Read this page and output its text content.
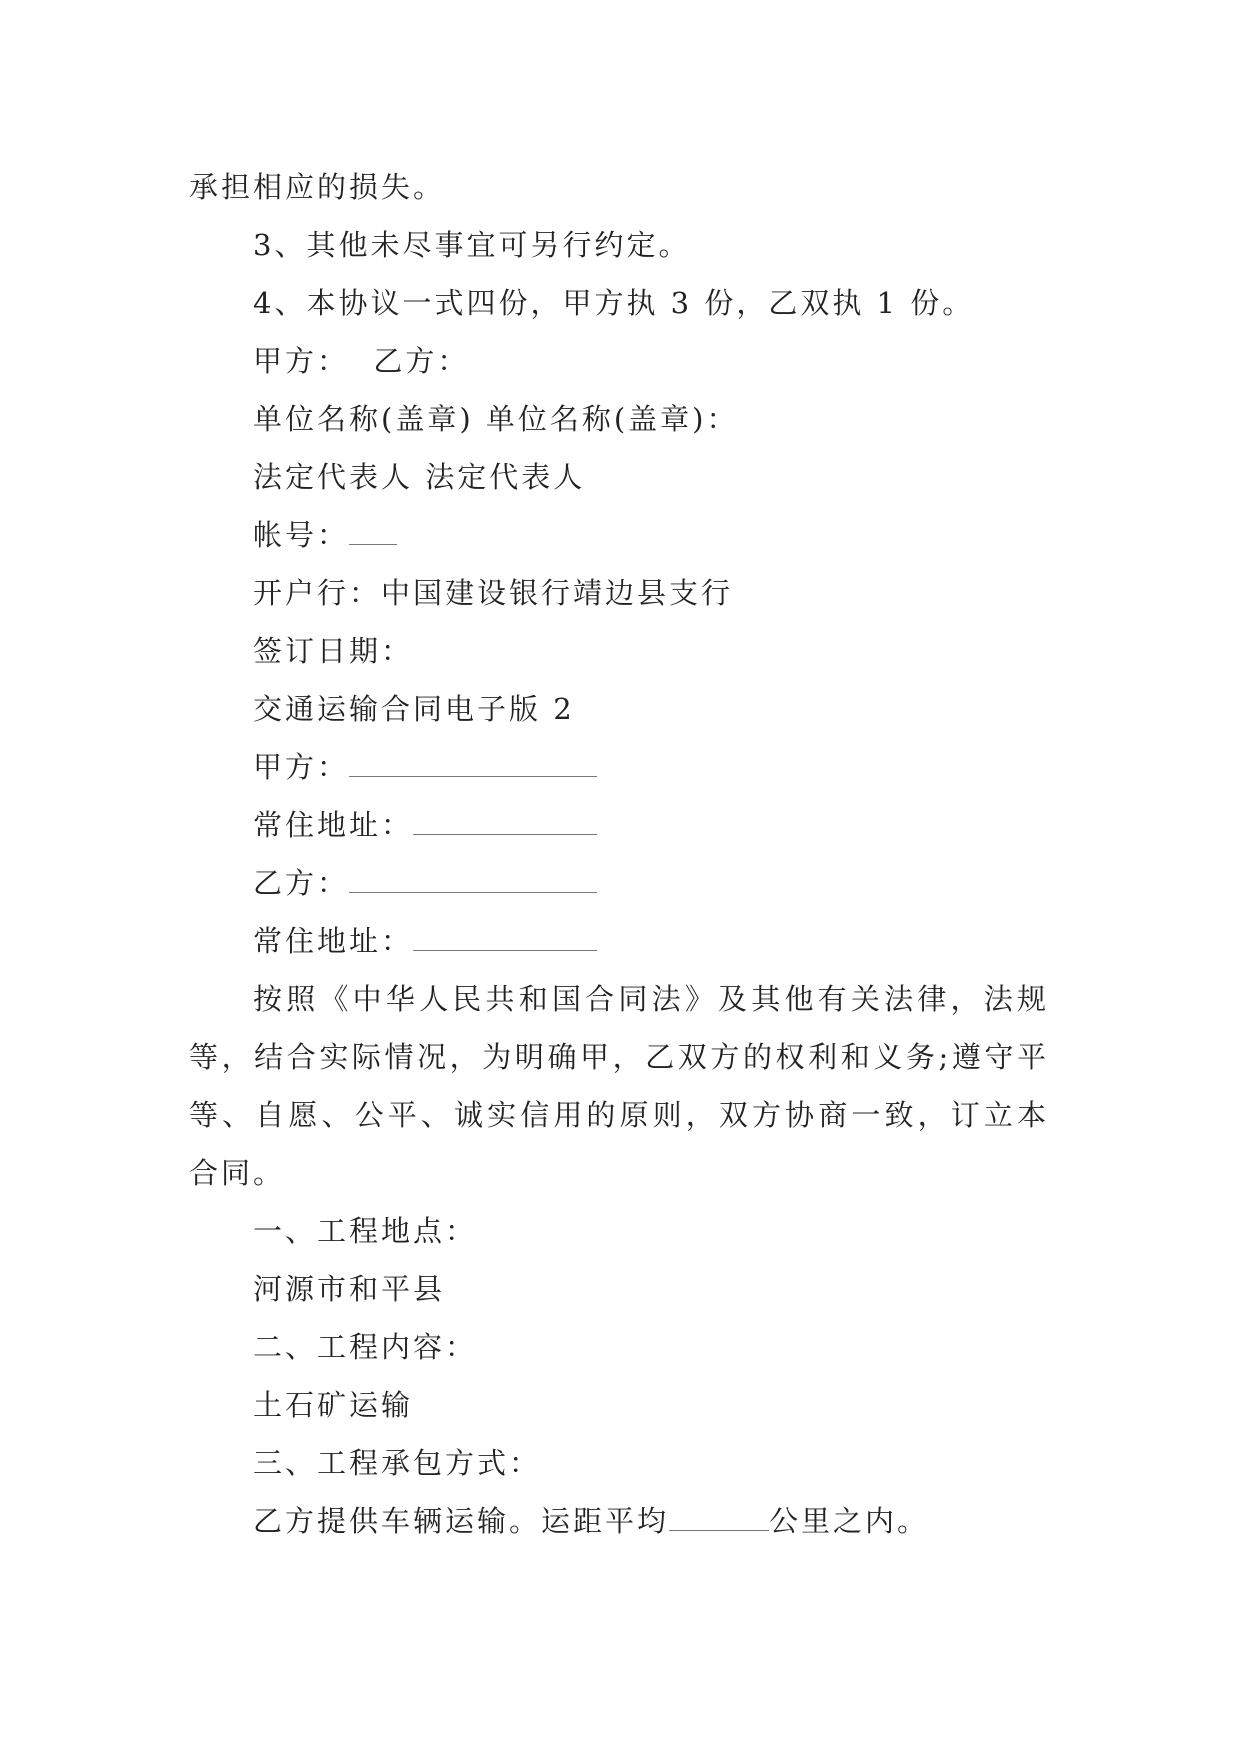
承担相应的损失。
3、其他未尽事宜可另行约定。
4、本协议一式四份，甲方执 3 份，乙双执 1 份。
甲方：  乙方：
单位名称(盖章) 单位名称(盖章)：
法定代表人 法定代表人
帐号：
开户行：中国建设银行靖边县支行
签订日期：
交通运输合同电子版 2
甲方：
常住地址：
乙方：
常住地址：
按照《中华人民共和国合同法》及其他有关法律，法规等，结合实际情况，为明确甲，乙双方的权利和义务;遵守平等、自愿、公平、诚实信用的原则，双方协商一致，订立本合同。
一、工程地点：
河源市和平县
二、工程内容：
土石矿运输
三、工程承包方式：
乙方提供车辆运输。运距平均	公里之内。
